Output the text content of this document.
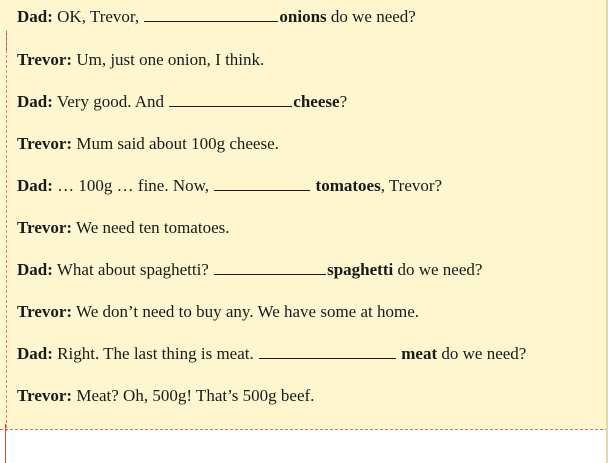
Dad: OK, Trevor,	onions do we need?
Trevor: Um, just one onion, I think.
Dad: Very good. And	cheese?
Trevor: Mum said about 100g cheese.
Dad: … 100g … fine. Now,	tomatoes, Trevor?
Trevor: We need ten tomatoes.
Dad: What about spaghetti?	spaghetti do we need?
Trevor: We don’t need to buy any. We have some at home.
Dad: Right. The last thing is meat.	meat do we need?
Trevor: Meat? Oh, 500g! That’s 500g beef.
